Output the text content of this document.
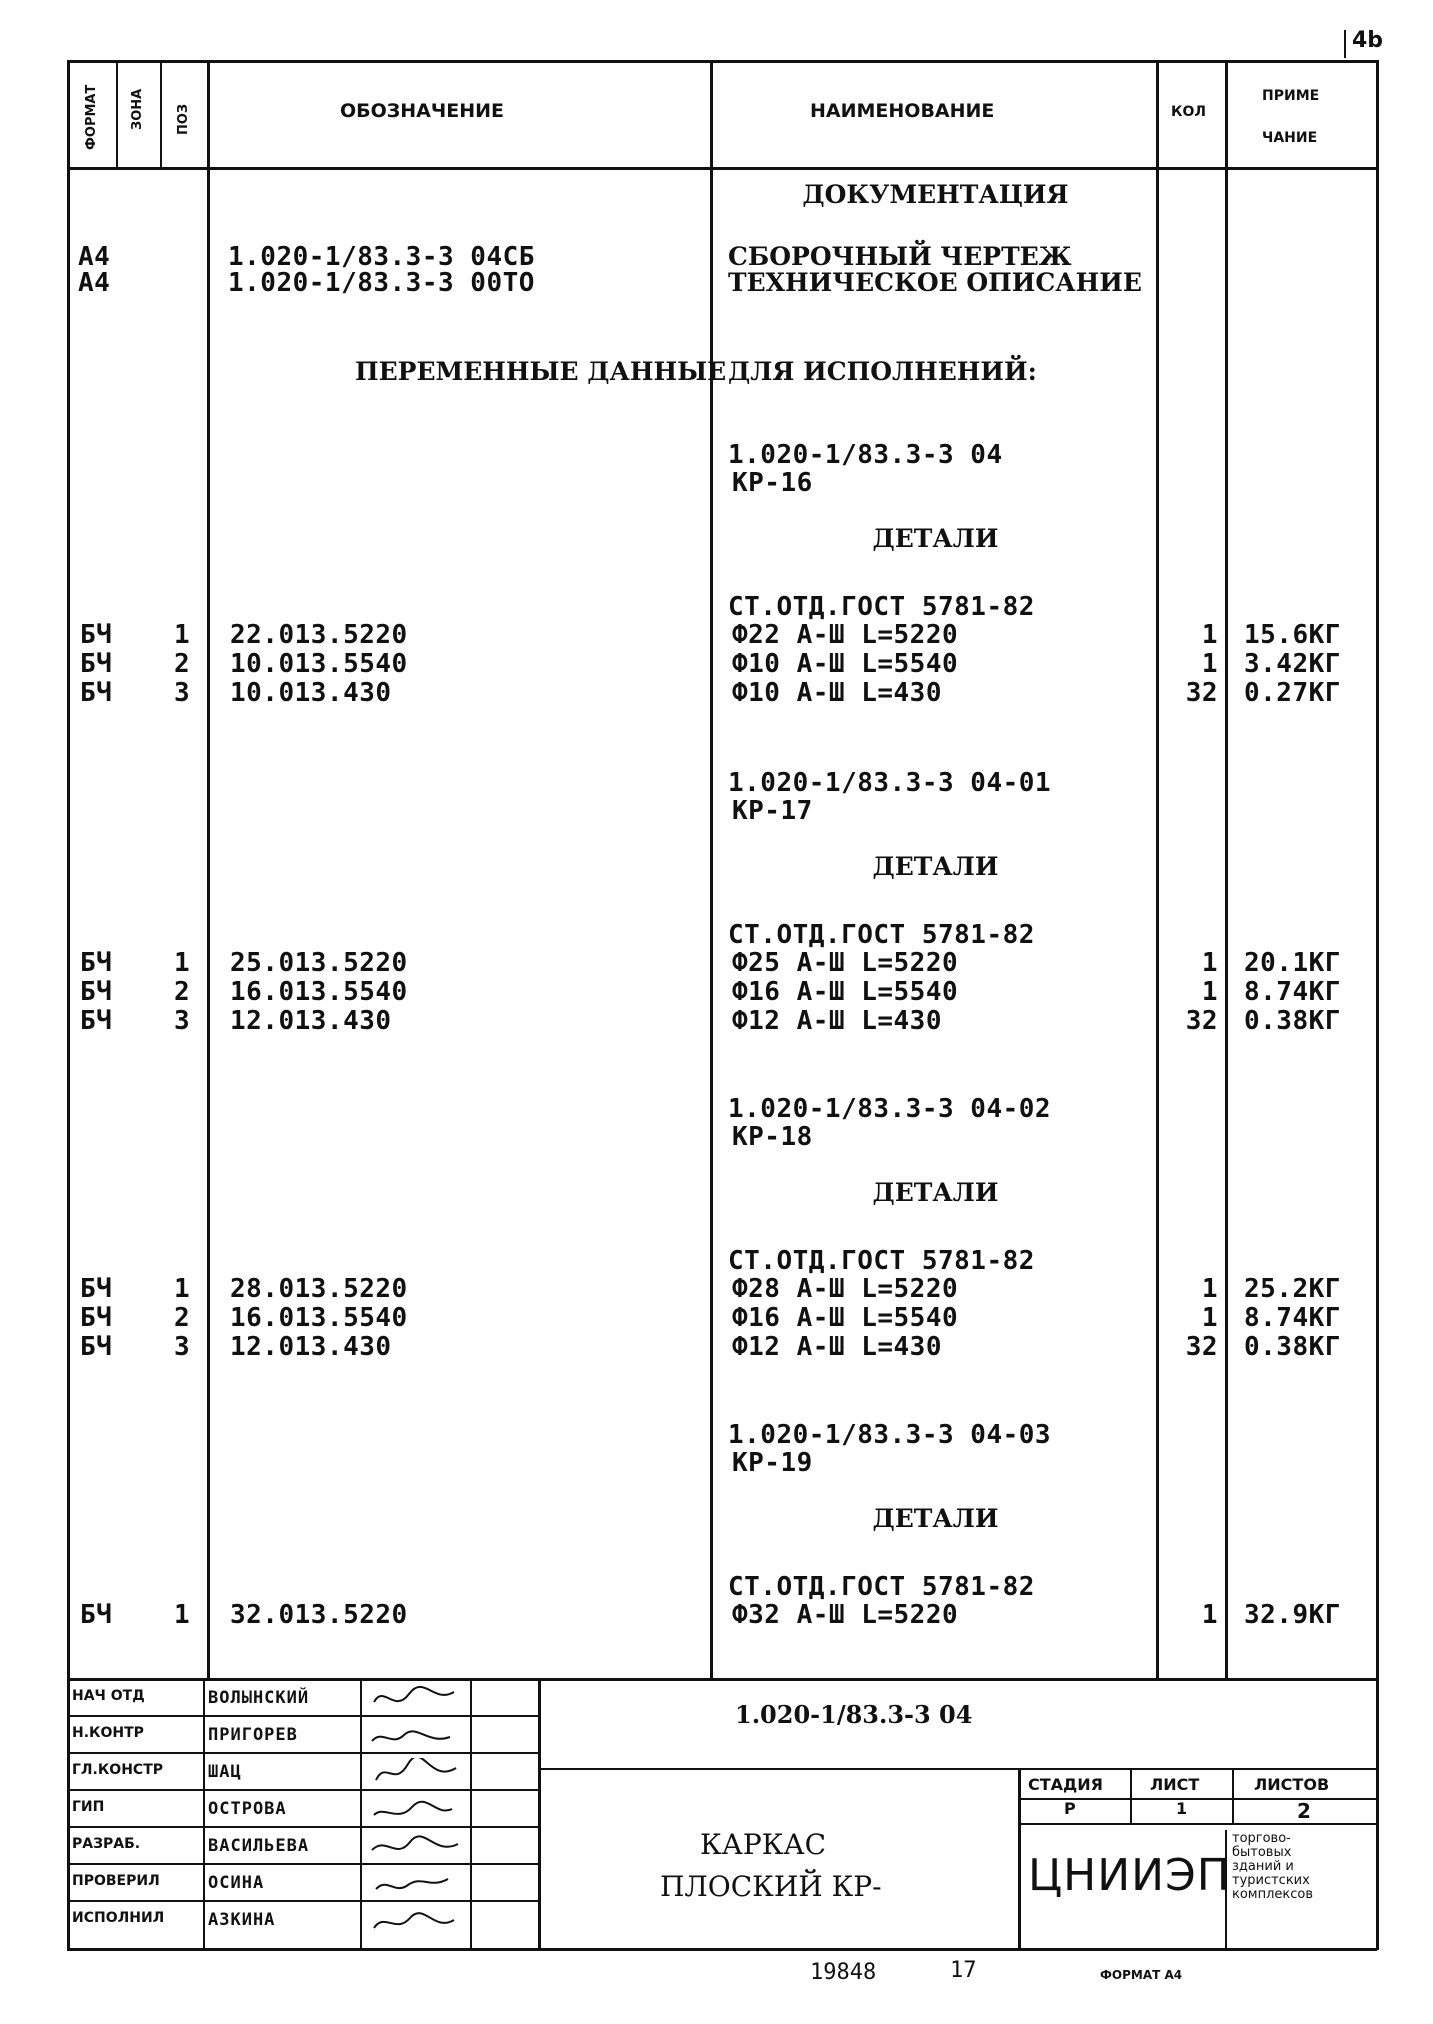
4b
ФОРМАТ ЗОНА ПОЗ	ОБОЗНАЧЕНИЕ	НАИМЕНОВАНИЕ	КОЛ
ПРИМЕ
ЧАНИЕ
ДОКУМЕНТАЦИЯ
А4	1.020-1/83.3-3 04СБ	СБОРОЧНЫЙ ЧЕРТЕЖ
А4	1.020-1/83.3-3 00ТО	ТЕХНИЧЕСКОЕ ОПИСАНИЕ
ПЕРЕМЕННЫЕ ДАННЫЕ ДЛЯ ИСПОЛНЕНИЙ:
1.020-1/83.3-3 04
КР-16
ДЕТАЛИ
СТ.ОТД.ГОСТ 5781-82
БЧ 1 22.013.5220	Ф22 А-Ш L=5220	1 15.6КГ
БЧ 2 10.013.5540	Ф10 А-Ш L=5540	1 3.42КГ
БЧ 3 10.013.430	Ф10 А-Ш L=430	32 0.27КГ
1.020-1/83.3-3 04-01
КР-17
ДЕТАЛИ
СТ.ОТД.ГОСТ 5781-82
БЧ 1 25.013.5220	Ф25 А-Ш L=5220	1 20.1КГ
БЧ 2 16.013.5540	Ф16 А-Ш L=5540	1 8.74КГ
БЧ 3 12.013.430	Ф12 А-Ш L=430	32 0.38КГ
1.020-1/83.3-3 04-02
КР-18
ДЕТАЛИ
СТ.ОТД.ГОСТ 5781-82
БЧ 1 28.013.5220	Ф28 А-Ш L=5220	1 25.2КГ
БЧ 2 16.013.5540	Ф16 А-Ш L=5540	1 8.74КГ
БЧ 3 12.013.430	Ф12 А-Ш L=430	32 0.38КГ
1.020-1/83.3-3 04-03
КР-19
ДЕТАЛИ
СТ.ОТД.ГОСТ 5781-82
БЧ 1 32.013.5220	Ф32 А-Ш L=5220	1 32.9КГ
НАЧ ОТД	ВОЛЫНСКИЙ
Н.КОНТР	ПРИГОРЕВ
ГЛ.КОНСТР	ШАЦ
ГИП	ОСТРОВА
РАЗРАБ.	ВАСИЛЬЕВА
ПРОВЕРИЛ	ОСИНА
ИСПОЛНИЛ	АЗКИНА
1.020-1/83.3-3 04
КАРКАС
ПЛОСКИЙ КР-
СТАДИЯ	ЛИСТ	ЛИСТОВ
Р	1	2
ЦНИИЭП
торгово-
бытовых
зданий и
туристских
комплексов
19848	17	ФОРМАТ А4
